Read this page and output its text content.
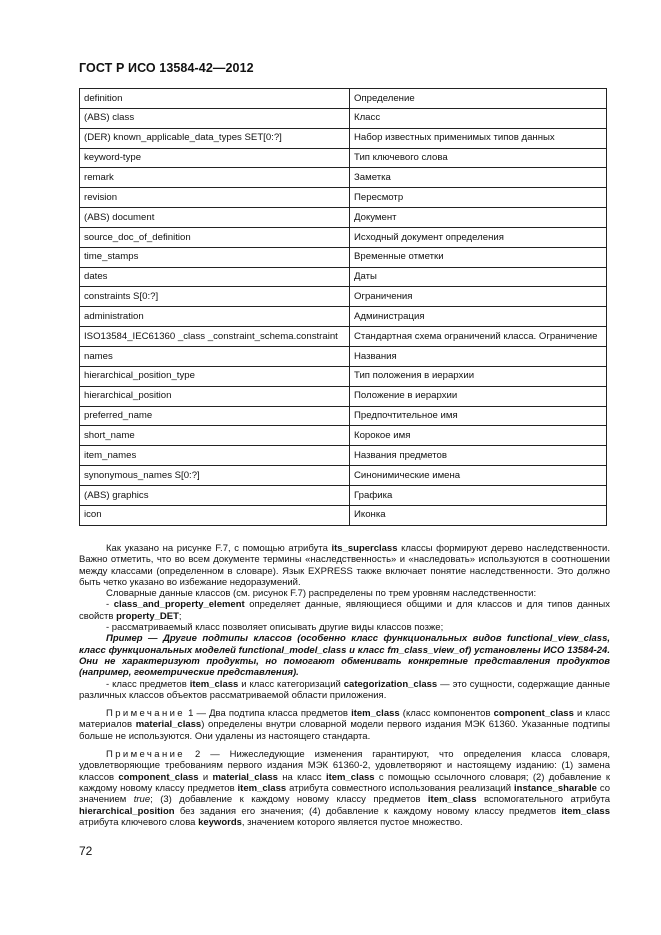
ГОСТ Р ИСО 13584-42—2012
definition	Определение
(ABS) class	Класс
(DER) known_applicable_data_types SET[0:?]	Набор известных применимых типов данных
keyword-type	Тип ключевого слова
remark	Заметка
revision	Пересмотр
(ABS) document	Документ
source_doc_of_definition	Исходный документ определения
time_stamps	Временные отметки
dates	Даты
constraints S[0:?]	Ограничения
administration	Администрация
ISO13584_IEC61360 _class _constraint_schema.constraint	Стандартная схема ограничений класса. Ограничение
names	Названия
hierarchical_position_type	Тип положения в иерархии
hierarchical_position	Положение в иерархии
preferred_name	Предпочтительное имя
short_name	Корокое имя
item_names	Названия предметов
synonymous_names S[0:?]	Синонимические имена
(ABS) graphics	Графика
icon	Иконка

Как указано на рисунке F.7, с помощью атрибута its_superclass классы формируют дерево наследственности. Важно отметить, что во всем документе термины «наследственность» и «наследовать» используются в соотношении между классами (определенном в словаре). Язык EXPRESS также включает понятие наследственности. Это должно быть четко указано во избежание недоразумений.

Словарные данные классов (см. рисунок F.7) распределены по трем уровням наследственности:

- class_and_property_element определяет данные, являющиеся общими и для классов и для типов данных свойств property_DET;

- рассматриваемый класс позволяет описывать другие виды классов позже;

Пример — Другие подтипы классов (особенно класс функциональных видов functional_view_class, класс функциональных моделей functional_model_class и класс fm_class_view_of) установлены ИСО 13584-24. Они не характеризуют продукты, но помогают обменивать конкретные представления продуктов (например, геометрические представления).

- класс предметов item_class и класс категоризаций categorization_class — это сущности, содержащие данные различных классов объектов рассматриваемой области приложения.

Примечание 1 — Два подтипа класса предметов item_class (класс компонентов component_class и класс материалов material_class) определены внутри словарной модели первого издания МЭК 61360. Указанные подтипы больше не используются. Они удалены из настоящего стандарта.

Примечание 2 — Нижеследующие изменения гарантируют, что определения класса словаря, удовлетворяющие требованиям первого издания МЭК 61360-2, удовлетворяют и настоящему изданию: (1) замена классов component_class и material_class на класс item_class с помощью ссылочного словаря; (2) добавление к каждому новому классу предметов item_class атрибута совместного использования реализаций instance_sharable со значением true; (3) добавление к каждому новому классу предметов item_class вспомогательного атрибута hierarchical_position без задания его значения; (4) добавление к каждому новому классу предметов item_class атрибута ключевого слова keywords, значением которого является пустое множество.

72
